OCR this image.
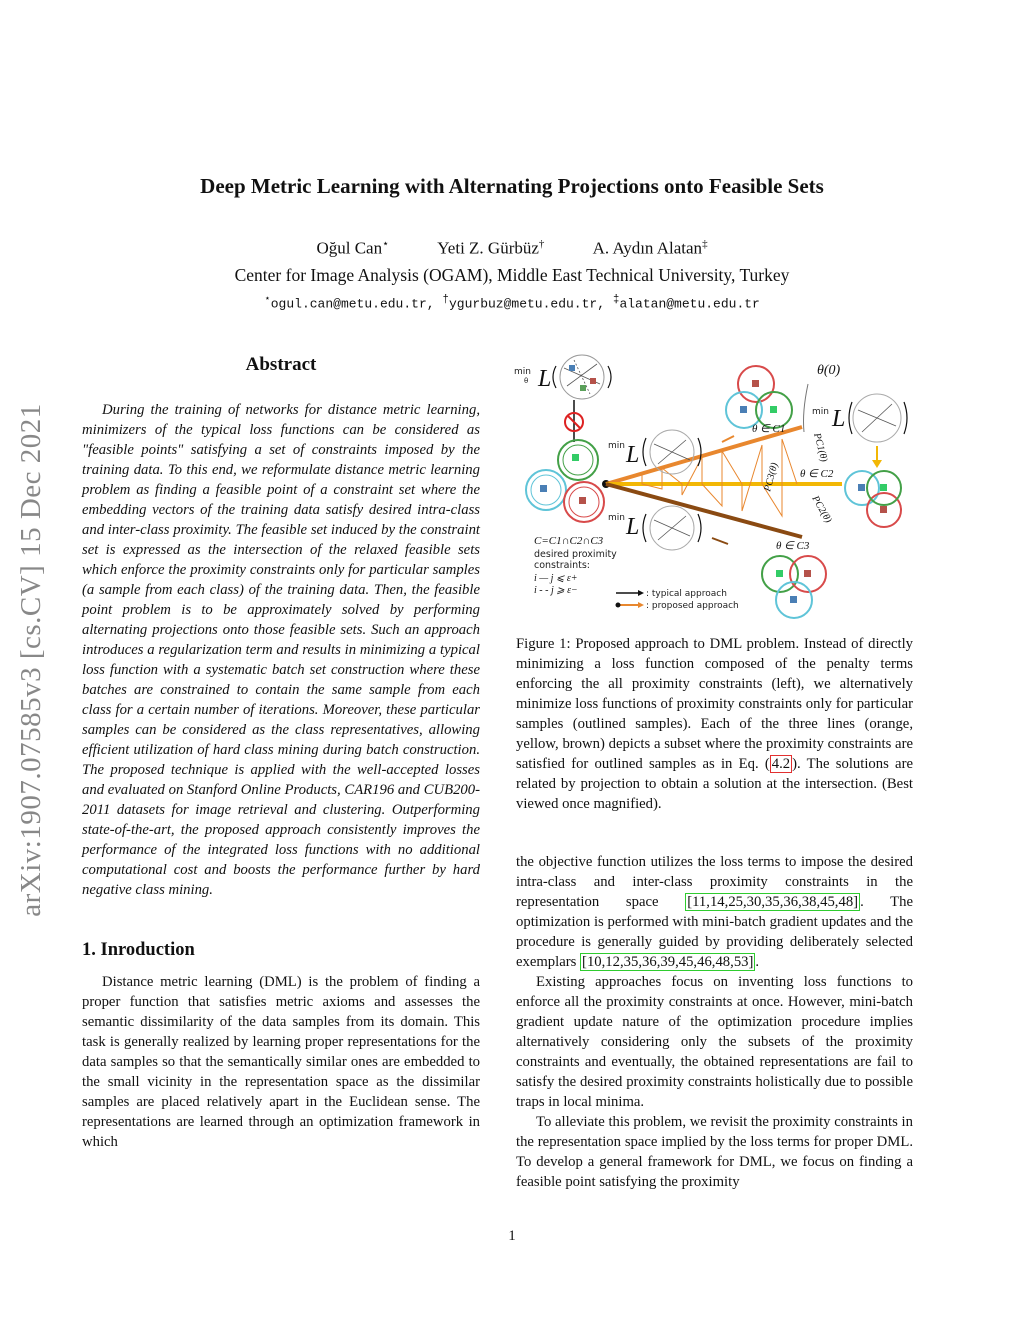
Deep Metric Learning with Alternating Projections onto Feasible Sets
Oğul Can⋆	Yeti Z. Gürbüz†	A. Aydın Alatan‡
Center for Image Analysis (OGAM), Middle East Technical University, Turkey
⋆ogul.can@metu.edu.tr, †ygurbuz@metu.edu.tr, ‡alatan@metu.edu.tr
arXiv:1907.07585v3 [cs.CV] 15 Dec 2021
Abstract

During the training of networks for distance metric learning, minimizers of the typical loss functions can be considered as "feasible points" satisfying a set of constraints imposed by the training data. To this end, we reformulate distance metric learning problem as finding a feasible point of a constraint set where the embedding vectors of the training data satisfy desired intra-class and inter-class proximity. The feasible set induced by the constraint set is expressed as the intersection of the relaxed feasible sets which enforce the proximity constraints only for particular samples (a sample from each class) of the training data. Then, the feasible point problem is to be approximately solved by performing alternating projections onto those feasible sets. Such an approach introduces a regularization term and results in minimizing a typical loss function with a systematic batch set construction where these batches are constrained to contain the same sample from each class for a certain number of iterations. Moreover, these particular samples can be considered as the class representatives, allowing efficient utilization of hard class mining during batch construction. The proposed technique is applied with the well-accepted losses and evaluated on Stanford Online Products, CAR196 and CUB200-2011 datasets for image retrieval and clustering. Outperforming state-of-the-art, the proposed approach consistently improves the performance of the integrated loss functions with no additional computational cost and boosts the performance further by hard negative class mining.

1. Inroduction

Distance metric learning (DML) is the problem of finding a proper function that satisfies metric axioms and assesses the semantic dissimilarity of the data samples from its domain. This task is generally realized by learning proper representations for the data samples so that the semantically similar ones are embedded to the small vicinity in the representation space as the dissimilar samples are placed relatively apart in the Euclidean sense. The representations are learned through an optimization framework in which

min
θ L	θ(0)
min L
min L
min L
θ ∈ C1
θ ∈ C2
θ ∈ C3
PC1(θ)
PC2(θ)
PC3(θ)
C=C1∩C2∩C3
desired proximity
constraints:
i — j ⩽ ε+
i - - j ⩾ ε−	: typical approach
: proposed approach

Figure 1: Proposed approach to DML problem. Instead of directly minimizing a loss function composed of the penalty terms enforcing the all proximity constraints (left), we alternatively minimize loss functions of proximity constraints only for particular samples (outlined samples). Each of the three lines (orange, yellow, brown) depicts a subset where the proximity constraints are satisfied for outlined samples as in Eq. ( 4.2 ). The solutions are related by projection to obtain a solution at the intersection. (Best viewed once magnified).

the objective function utilizes the loss terms to impose the desired intra-class and inter-class proximity constraints in the representation space [11,14,25,30,35,36,38,45,48] . The optimization is performed with mini-batch gradient updates and the procedure is generally guided by providing deliberately selected exemplars [10,12,35,36,39,45,46,48,53] .

Existing approaches focus on inventing loss functions to enforce all the proximity constraints at once. However, mini-batch gradient update nature of the optimization procedure implies alternatively considering only the subsets of the proximity constraints and eventually, the obtained representations are fail to satisfy the desired proximity constraints holistically due to possible traps in local minima.

To alleviate this problem, we revisit the proximity constraints in the representation space implied by the loss terms for proper DML. To develop a general framework for DML, we focus on finding a feasible point satisfying the proximity

1
